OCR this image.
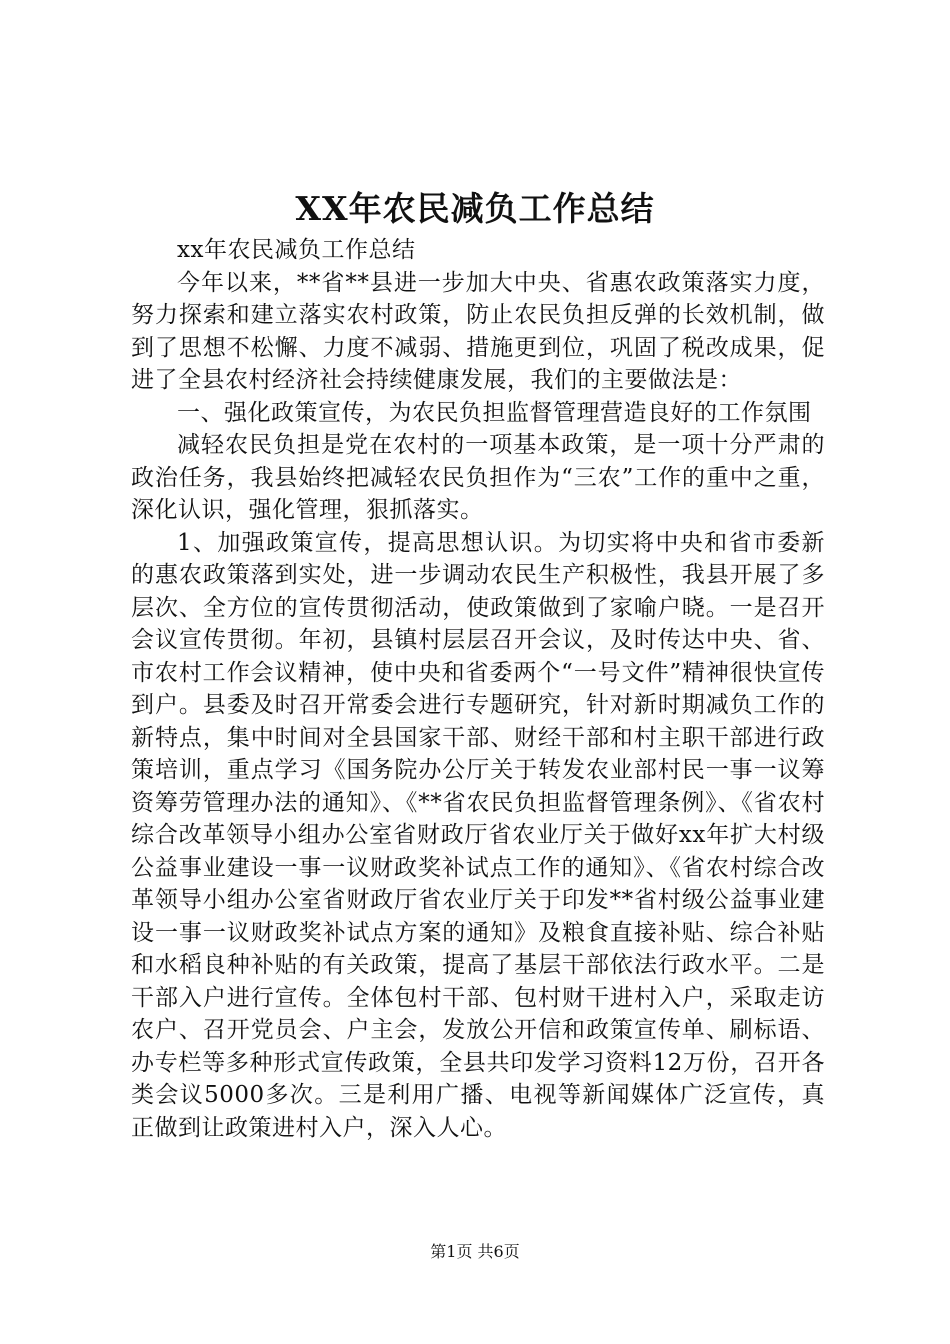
XX年农民减负工作总结

xx年农民减负工作总结

今年以来，**省**县进一步加大中央、省惠农政策落实力度，努力探索和建立落实农村政策，防止农民负担反弹的长效机制，做到了思想不松懈、力度不减弱、措施更到位，巩固了税改成果，促进了全县农村经济社会持续健康发展，我们的主要做法是：

一、强化政策宣传，为农民负担监督管理营造良好的工作氛围

减轻农民负担是党在农村的一项基本政策，是一项十分严肃的政治任务，我县始终把减轻农民负担作为“三农”工作的重中之重，深化认识，强化管理，狠抓落实。

1、加强政策宣传，提高思想认识。为切实将中央和省市委新的惠农政策落到实处，进一步调动农民生产积极性，我县开展了多层次、全方位的宣传贯彻活动，使政策做到了家喻户晓。一是召开会议宣传贯彻。年初，县镇村层层召开会议，及时传达中央、省、市农村工作会议精神，使中央和省委两个“一号文件”精神很快宣传到户。县委及时召开常委会进行专题研究，针对新时期减负工作的新特点，集中时间对全县国家干部、财经干部和村主职干部进行政策培训，重点学习《国务院办公厅关于转发农业部村民一事一议筹资筹劳管理办法的通知》、《**省农民负担监督管理条例》、《省农村综合改革领导小组办公室省财政厅省农业厅关于做好xx年扩大村级公益事业建设一事一议财政奖补试点工作的通知》、《省农村综合改革领导小组办公室省财政厅省农业厅关于印发**省村级公益事业建设一事一议财政奖补试点方案的通知》及粮食直接补贴、综合补贴和水稻良种补贴的有关政策，提高了基层干部依法行政水平。二是干部入户进行宣传。全体包村干部、包村财干进村入户，采取走访农户、召开党员会、户主会，发放公开信和政策宣传单、刷标语、办专栏等多种形式宣传政策，全县共印发学习资料12万份，召开各类会议5000多次。三是利用广播、电视等新闻媒体广泛宣传，真正做到让政策进村入户，深入人心。

第1页 共6页
